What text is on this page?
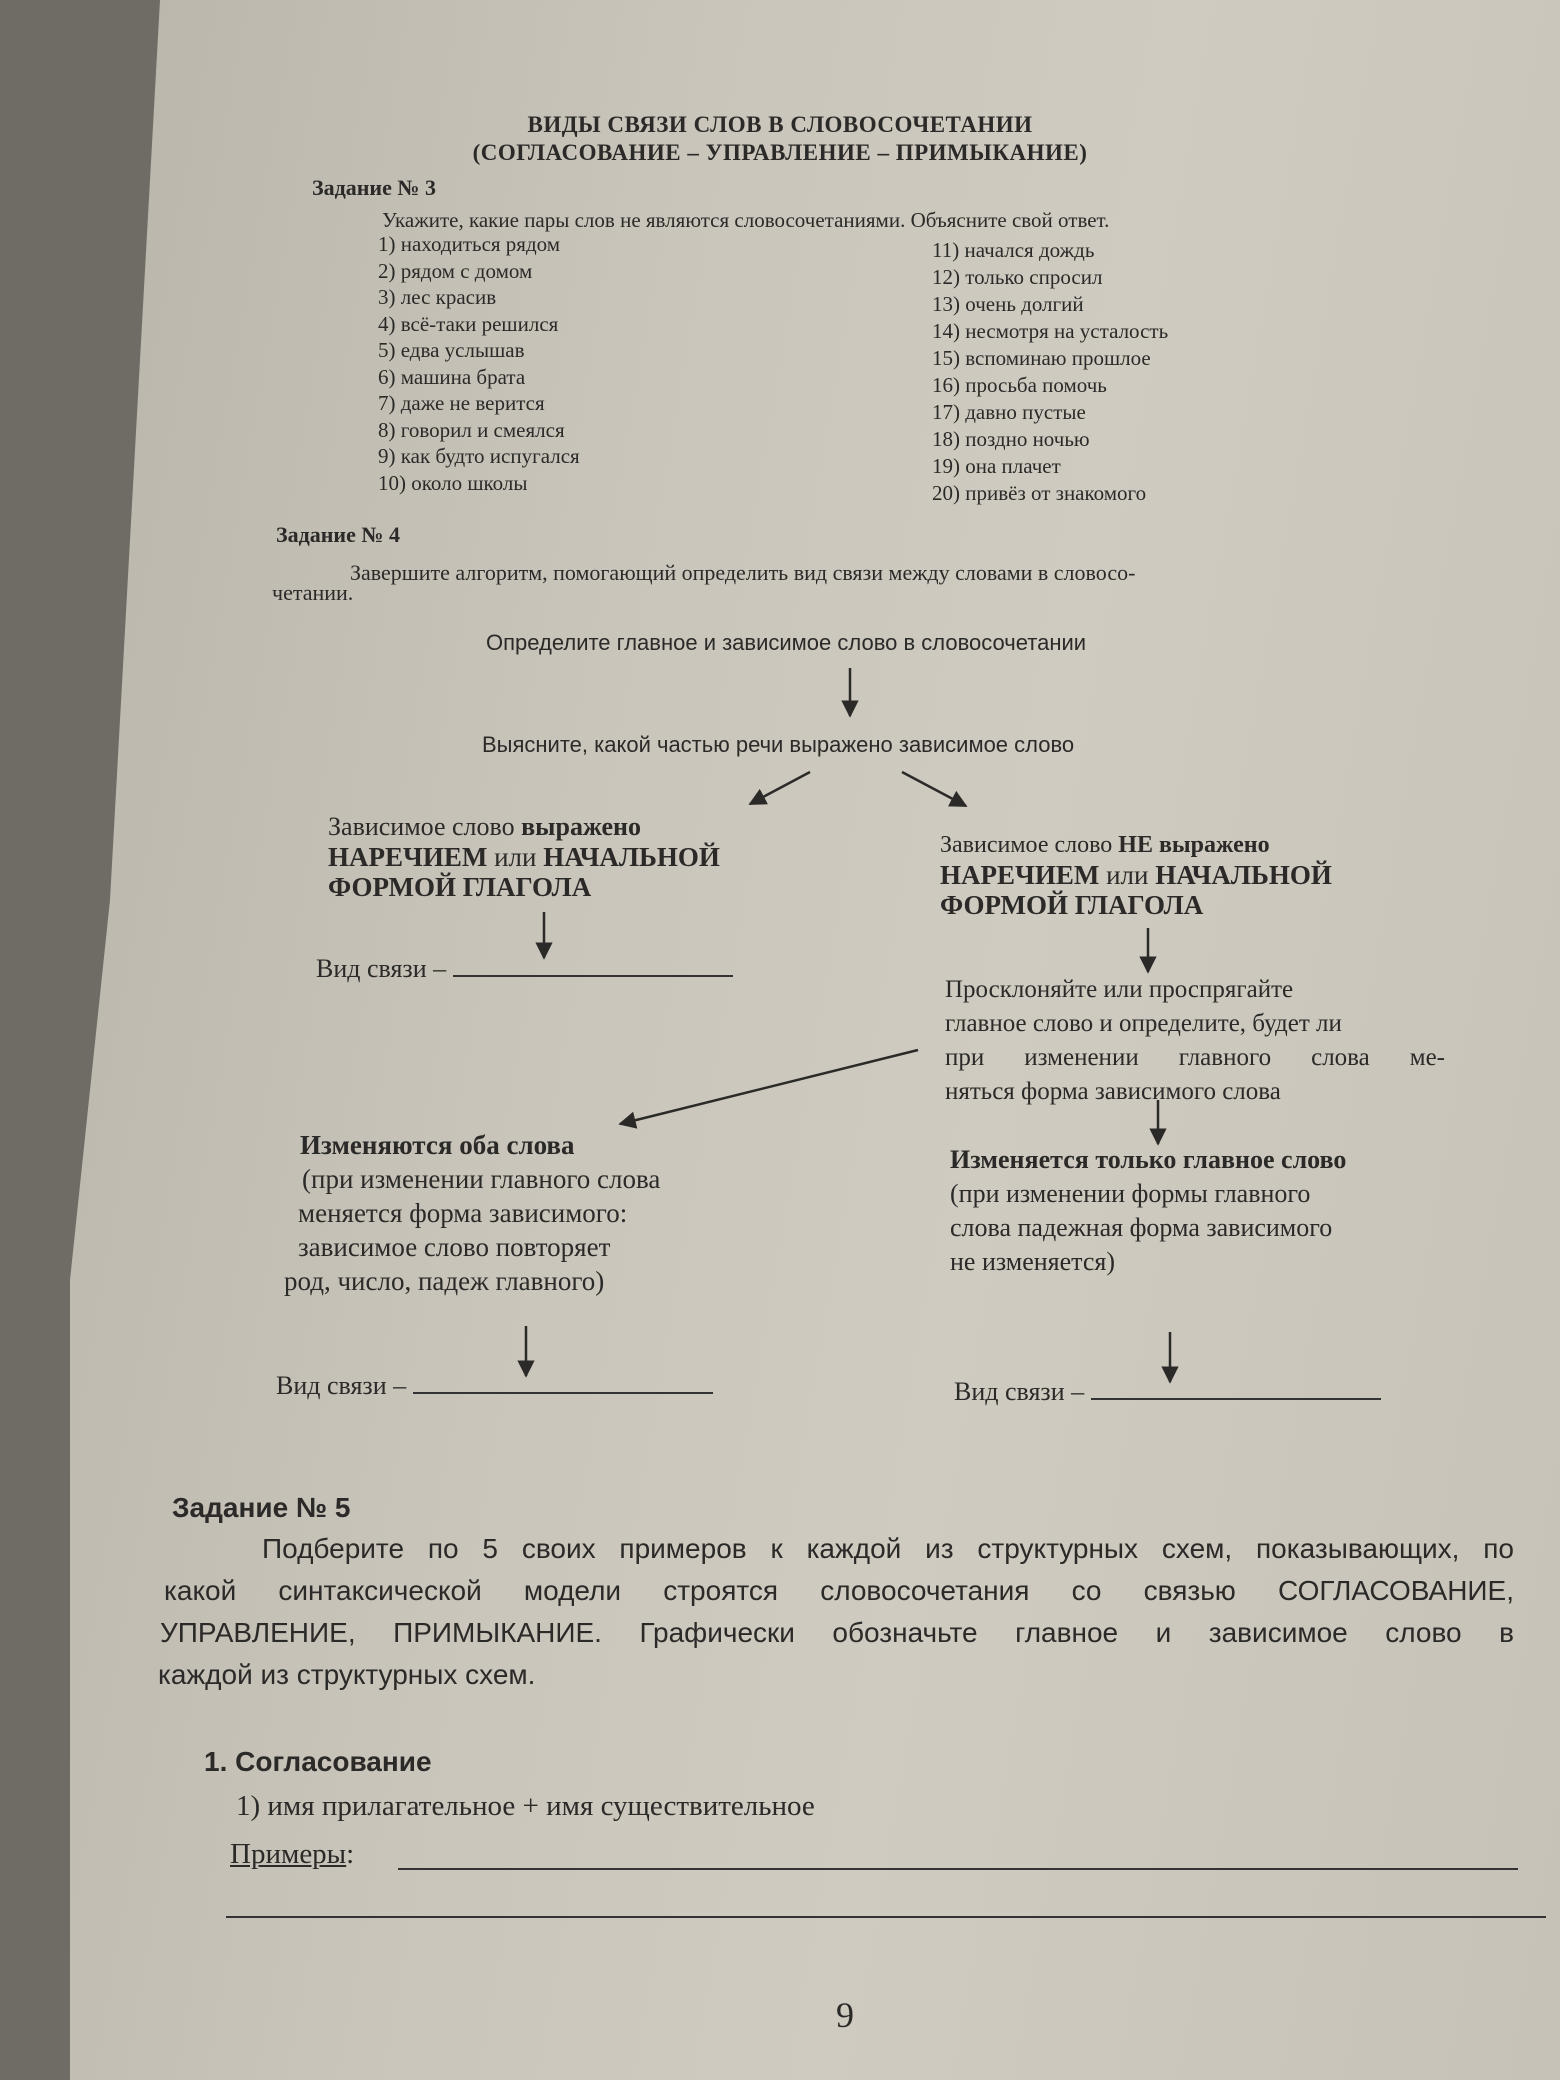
ВИДЫ СВЯЗИ СЛОВ В СЛОВОСОЧЕТАНИИ
(СОГЛАСОВАНИЕ – УПРАВЛЕНИЕ – ПРИМЫКАНИЕ)
Задание № 3
Укажите, какие пары слов не являются словосочетаниями. Объясните свой ответ.
1) находиться рядом
2) рядом с домом
3) лес красив
4) всё-таки решился
5) едва услышав
6) машина брата
7) даже не верится
8) говорил и смеялся
9) как будто испугался
10) около школы
11) начался дождь
12) только спросил
13) очень долгий
14) несмотря на усталость
15) вспоминаю прошлое
16) просьба помочь
17) давно пустые
18) поздно ночью
19) она плачет
20) привёз от знакомого
Задание № 4
Завершите алгоритм, помогающий определить вид связи между словами в словосо-
четании.
Определите главное и зависимое слово в словосочетании
Выясните, какой частью речи выражено зависимое слово
Зависимое слово выражено
НАРЕЧИЕМ или НАЧАЛЬНОЙ
ФОРМОЙ ГЛАГОЛА
Вид связи –
Зависимое слово НЕ выражено
НАРЕЧИЕМ или НАЧАЛЬНОЙ
ФОРМОЙ ГЛАГОЛА
Просклоняйте или проспрягайте
главное слово и определите, будет ли
при изменении главного слова ме-
няться форма зависимого слова
Изменяются оба слова
(при изменении главного слова
меняется форма зависимого:
зависимое слово повторяет
род, число, падеж главного)
Вид связи –
Изменяется только главное слово
(при изменении формы главного
слова падежная форма зависимого
не изменяется)
Вид связи –
Задание № 5
Подберите по 5 своих примеров к каждой из структурных схем, показывающих, по
какой синтаксической модели строятся словосочетания со связью СОГЛАСОВАНИЕ,
УПРАВЛЕНИЕ, ПРИМЫКАНИЕ. Графически обозначьте главное и зависимое слово в
каждой из структурных схем.
1. Согласование
1) имя прилагательное + имя существительное
Примеры:
9
